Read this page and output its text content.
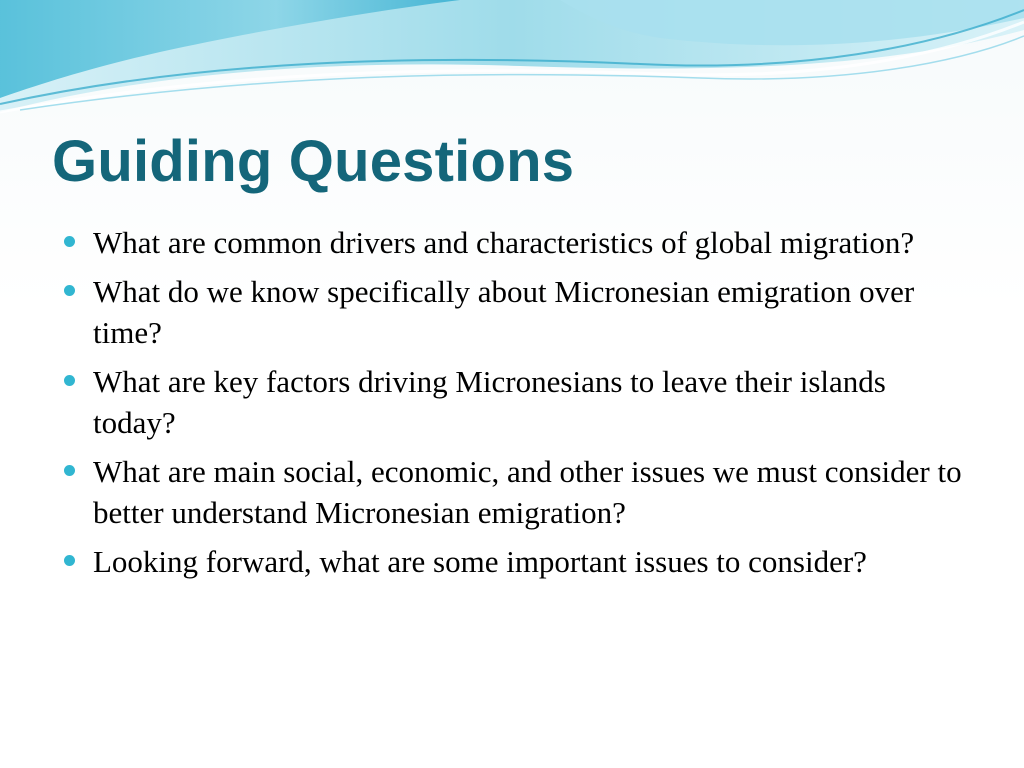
Guiding Questions
What are common drivers and characteristics of global migration?
What do we know specifically about Micronesian emigration over time?
What are key factors driving Micronesians to leave their islands today?
What are main social, economic, and other issues we must consider to better understand Micronesian emigration?
Looking forward, what are some important issues to consider?
